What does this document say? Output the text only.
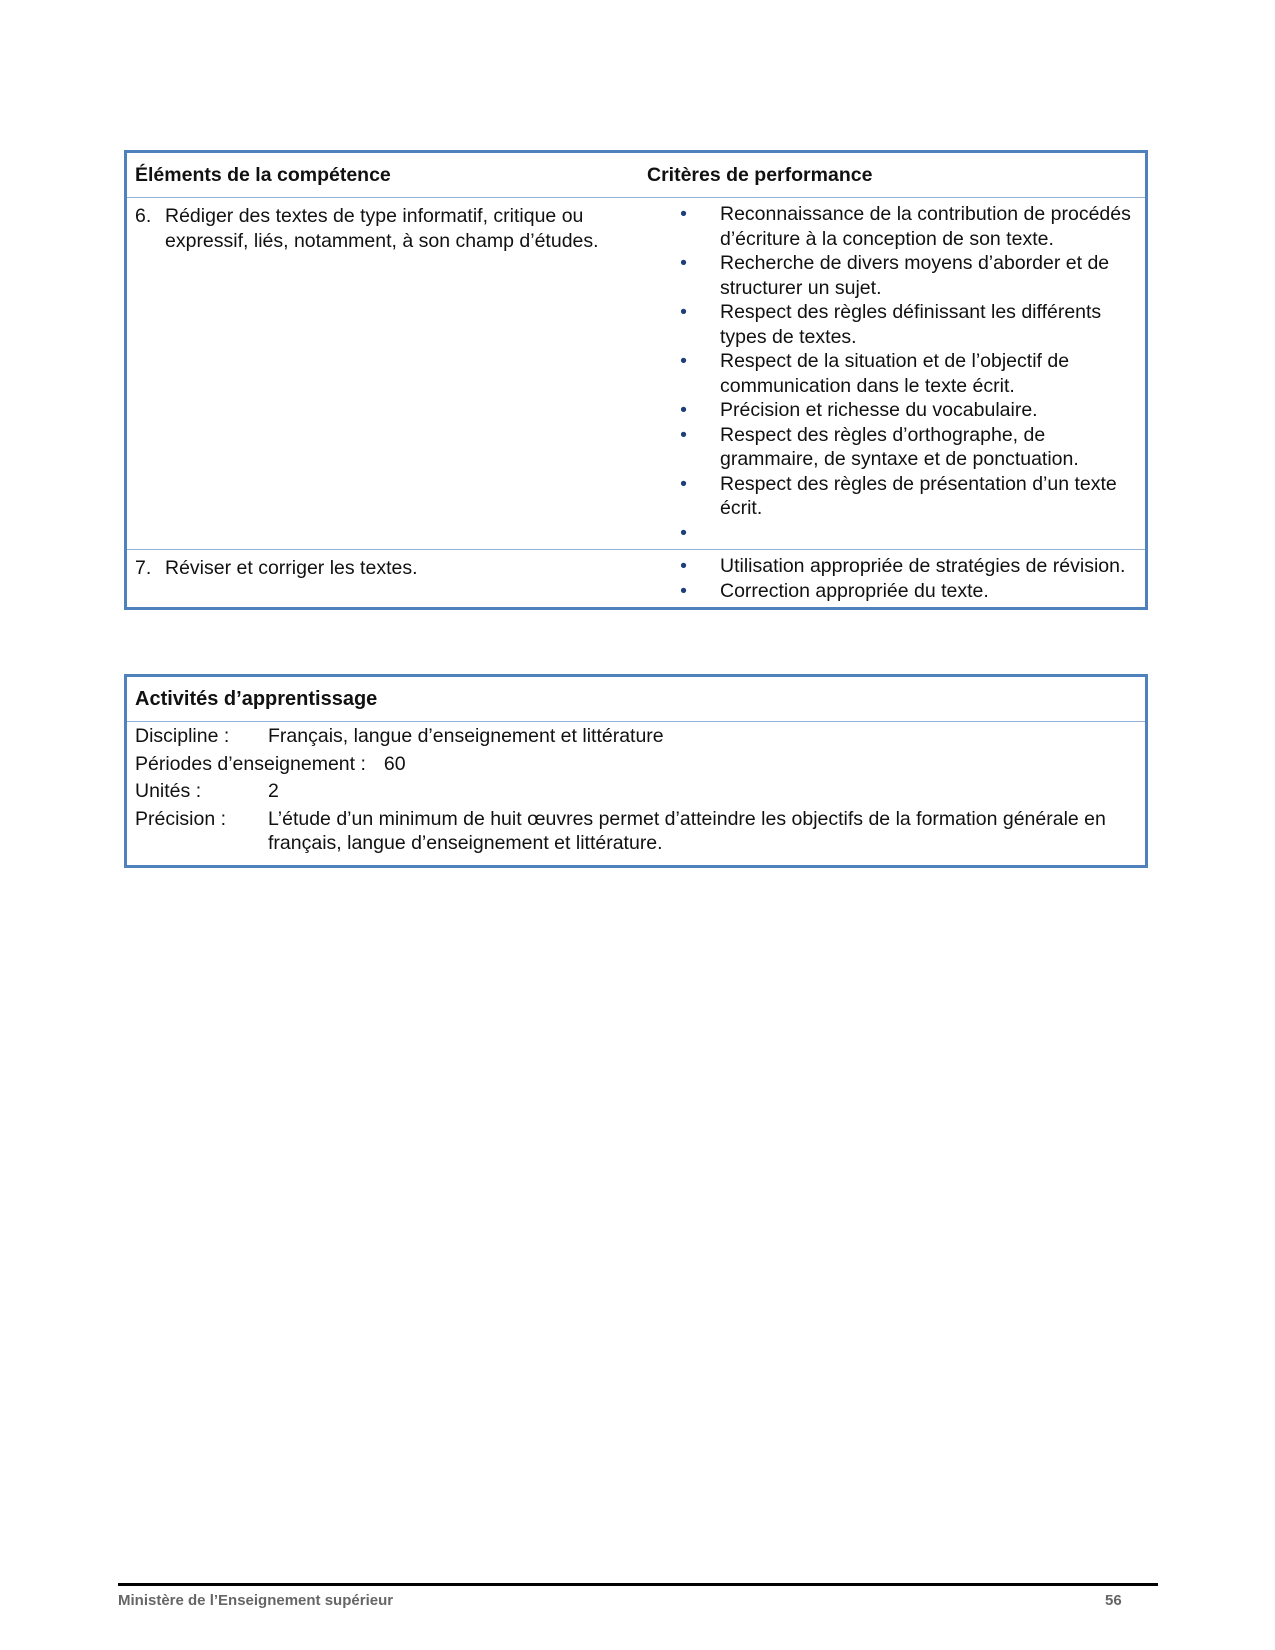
Éléments de la compétence	Critères de performance
6. Rédiger des textes de type informatif, critique ou expressif, liés, notamment, à son champ d’études.
•	Reconnaissance de la contribution de procédés d’écriture à la conception de son texte.
•	Recherche de divers moyens d’aborder et de structurer un sujet.
•	Respect des règles définissant les différents types de textes.
•	Respect de la situation et de l’objectif de communication dans le texte écrit.
•	Précision et richesse du vocabulaire.
•	Respect des règles d’orthographe, de grammaire, de syntaxe et de ponctuation.
•	Respect des règles de présentation d’un texte écrit.
•
7. Réviser et corriger les textes.	•	Utilisation appropriée de stratégies de révision.
•	Correction appropriée du texte.
Activités d’apprentissage
Discipline :	Français, langue d’enseignement et littérature
Périodes d’enseignement : 60
Unités :	2
Précision :	L’étude d’un minimum de huit œuvres permet d’atteindre les objectifs de la formation générale en français, langue d’enseignement et littérature.
Ministère de l’Enseignement supérieur	56
